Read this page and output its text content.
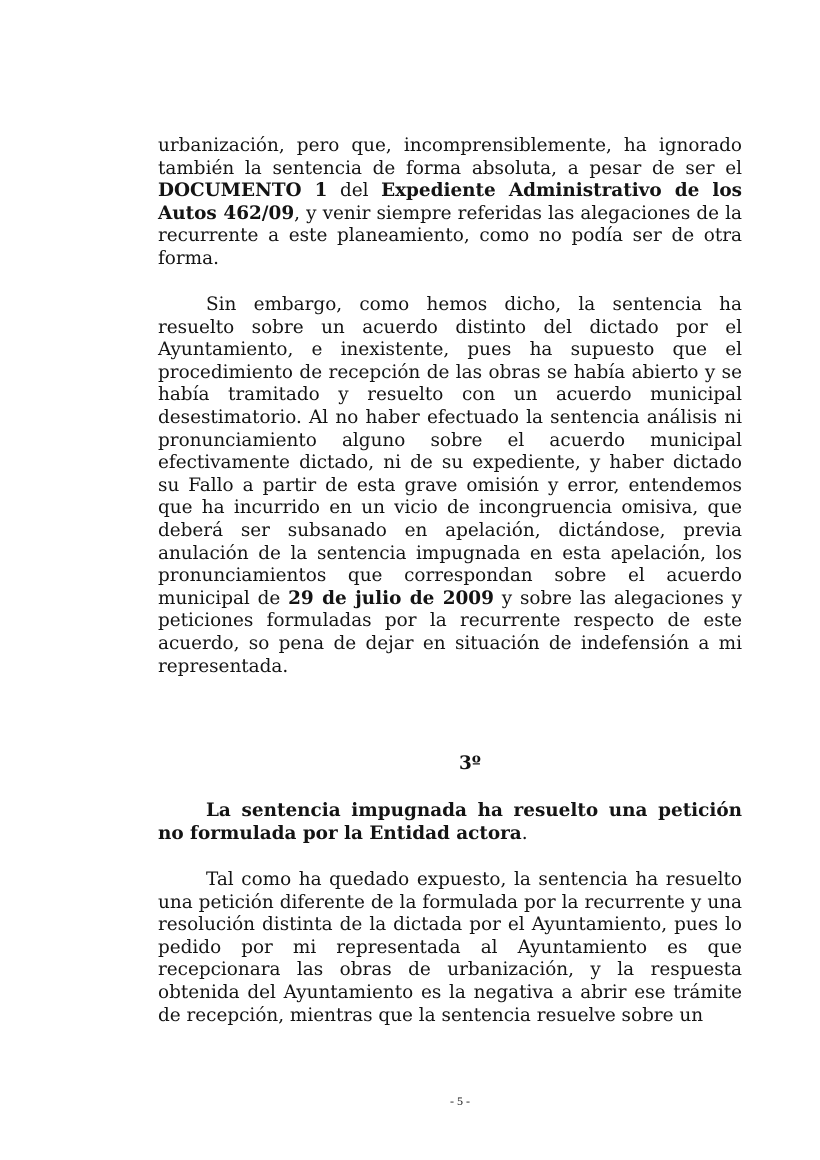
urbanización, pero que, incomprensiblemente, ha ignorado también la sentencia de forma absoluta, a pesar de ser el DOCUMENTO 1 del Expediente Administrativo de los Autos 462/09, y venir siempre referidas las alegaciones de la recurrente a este planeamiento, como no podía ser de otra forma.

Sin embargo, como hemos dicho, la sentencia ha resuelto sobre un acuerdo distinto del dictado por el Ayuntamiento, e inexistente, pues ha supuesto que el procedimiento de recepción de las obras se había abierto y se había tramitado y resuelto con un acuerdo municipal desestimatorio. Al no haber efectuado la sentencia análisis ni pronunciamiento alguno sobre el acuerdo municipal efectivamente dictado, ni de su expediente, y haber dictado su Fallo a partir de esta grave omisión y error, entendemos que ha incurrido en un vicio de incongruencia omisiva, que deberá ser subsanado en apelación, dictándose, previa anulación de la sentencia impugnada en esta apelación, los pronunciamientos que correspondan sobre el acuerdo municipal de 29 de julio de 2009 y sobre las alegaciones y peticiones formuladas por la recurrente respecto de este acuerdo, so pena de dejar en situación de indefensión a mi representada.

3º

La sentencia impugnada ha resuelto una petición no formulada por la Entidad actora.

Tal como ha quedado expuesto, la sentencia ha resuelto una petición diferente de la formulada por la recurrente y una resolución distinta de la dictada por el Ayuntamiento, pues lo pedido por mi representada al Ayuntamiento es que recepcionara las obras de urbanización, y la respuesta obtenida del Ayuntamiento es la negativa a abrir ese trámite de recepción, mientras que la sentencia resuelve sobre un

- 5 -
